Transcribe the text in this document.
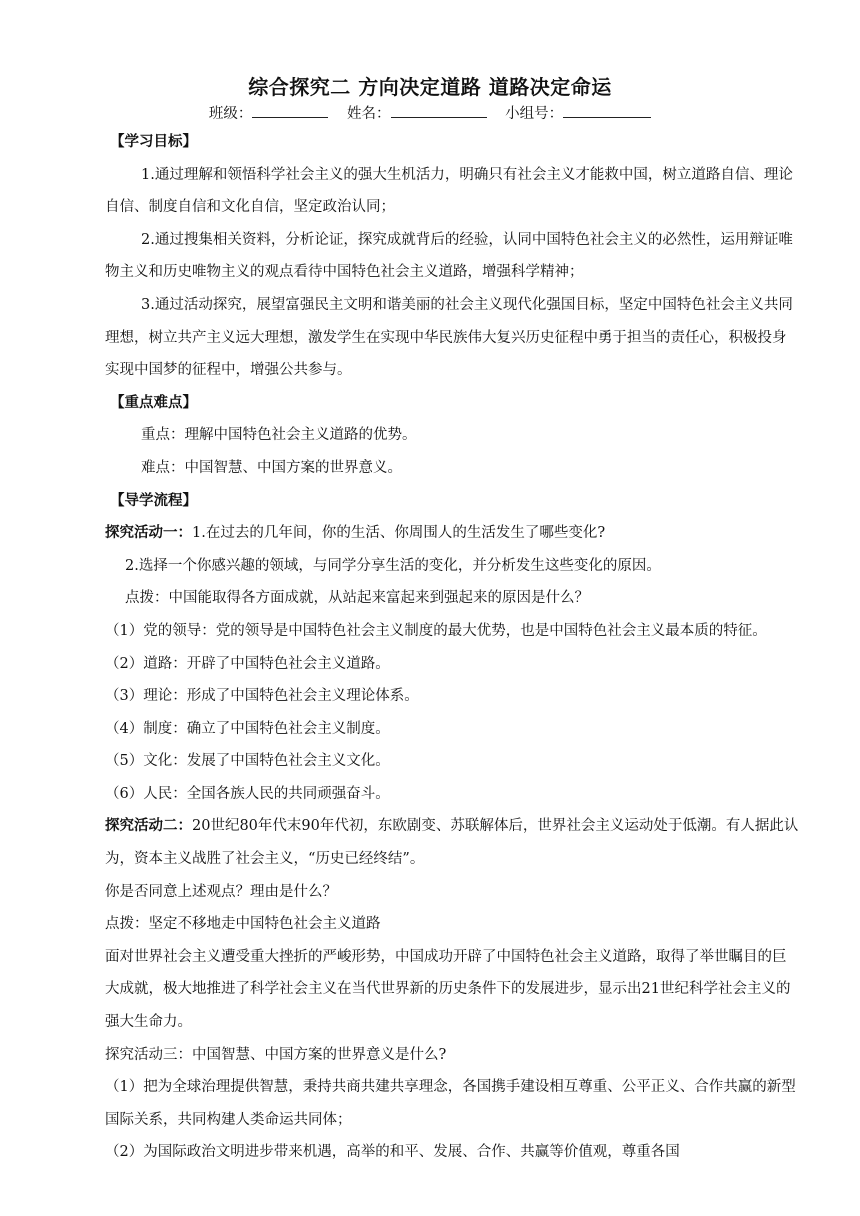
综合探究二 方向决定道路 道路决定命运
班级：	姓名：	小组号：

【学习目标】

1.通过理解和领悟科学社会主义的强大生机活力，明确只有社会主义才能救中国，树立道路自信、理论自信、制度自信和文化自信，坚定政治认同；

2.通过搜集相关资料，分析论证，探究成就背后的经验，认同中国特色社会主义的必然性，运用辩证唯物主义和历史唯物主义的观点看待中国特色社会主义道路，增强科学精神；

3.通过活动探究，展望富强民主文明和谐美丽的社会主义现代化强国目标，坚定中国特色社会主义共同理想，树立共产主义远大理想，激发学生在实现中华民族伟大复兴历史征程中勇于担当的责任心，积极投身实现中国梦的征程中，增强公共参与。

【重点难点】

重点：理解中国特色社会主义道路的优势。

难点：中国智慧、中国方案的世界意义。

【导学流程】

探究活动一：1.在过去的几年间，你的生活、你周围人的生活发生了哪些变化?

2.选择一个你感兴趣的领域，与同学分享生活的变化，并分析发生这些变化的原因。

点拨：中国能取得各方面成就，从站起来富起来到强起来的原因是什么？

（1）党的领导：党的领导是中国特色社会主义制度的最大优势，也是中国特色社会主义最本质的特征。

（2）道路：开辟了中国特色社会主义道路。

（3）理论：形成了中国特色社会主义理论体系。

（4）制度：确立了中国特色社会主义制度。

（5）文化：发展了中国特色社会主义文化。

（6）人民：全国各族人民的共同顽强奋斗。

探究活动二：20世纪80年代末90年代初，东欧剧变、苏联解体后，世界社会主义运动处于低潮。有人据此认为，资本主义战胜了社会主义，“历史已经终结”。

你是否同意上述观点？理由是什么？

点拨：坚定不移地走中国特色社会主义道路

面对世界社会主义遭受重大挫折的严峻形势，中国成功开辟了中国特色社会主义道路，取得了举世瞩目的巨大成就，极大地推进了科学社会主义在当代世界新的历史条件下的发展进步，显示出21世纪科学社会主义的强大生命力。

探究活动三：中国智慧、中国方案的世界意义是什么?

（1）把为全球治理提供智慧，秉持共商共建共享理念，各国携手建设相互尊重、公平正义、合作共赢的新型国际关系，共同构建人类命运共同体；

（2）为国际政治文明进步带来机遇，高举的和平、发展、合作、共赢等价值观，尊重各国
